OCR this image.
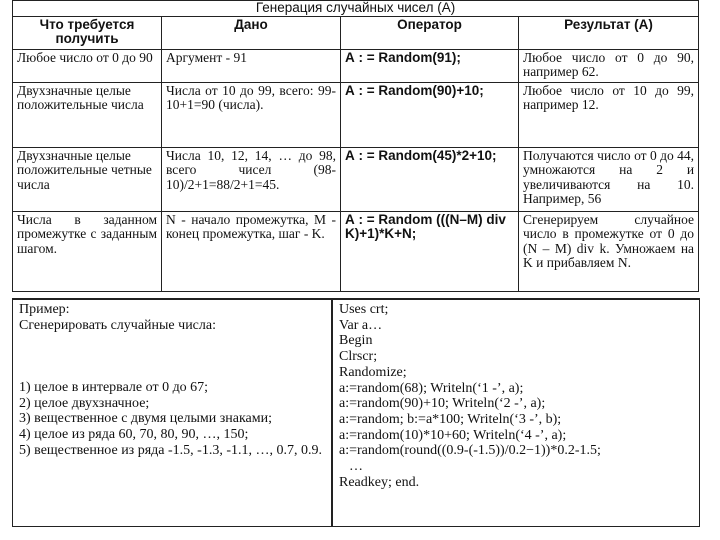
Генерация случайных чисел (А)			
Что требуется получить	Дано	Оператор	Результат (А)
Любое число от 0 до 90	Аргумент - 91	А : = Random(91);	Любое число от 0 до 90, например 62.
Двухзначные целые положительные числа	Числа от 10 до 99, всего: 99-10+1=90 (числа).	А : = Random(90)+10;	Любое число от 10 до 99, например 12.
Двухзначные целые положительные четные числа	Числа 10, 12, 14, … до 98, всего чисел (98-10)/2+1=88/2+1=45.	А : = Random(45)*2+10;	Получаются число от 0 до 44, умножаются на 2 и увеличиваются на 10. Например, 56
Числа в заданном промежутке с заданным шагом.	N - начало промежутка, M - конец промежутка, шаг - K.	А : = Random (((N–M) div K)+1)*K+N;	Сгенерируем случайное число в промежутке от 0 до (N – M) div k. Умножаем на K и прибавляем N.
Пример:
Сгенерировать случайные числа:
1) целое в интервале от 0 до 67;
2) целое двухзначное;
3) вещественное с двумя целыми знаками;
4) целое из ряда 60, 70, 80, 90, …, 150;
5) вещественное из ряда -1.5, -1.3, -1.1, …, 0.7, 0.9.
Uses crt;
Var a…
Begin
Clrscr;
Randomize;
a:=random(68); Writeln(‘1 -’, a);
a:=random(90)+10; Writeln(‘2 -’, a);
a:=random; b:=a*100; Writeln(‘3 -’, b);
a:=random(10)*10+60; Writeln(‘4 -’, a);
a:=random(round((0.9-(-1.5))/0.2−1))*0.2-1.5;
…
Readkey; end.
